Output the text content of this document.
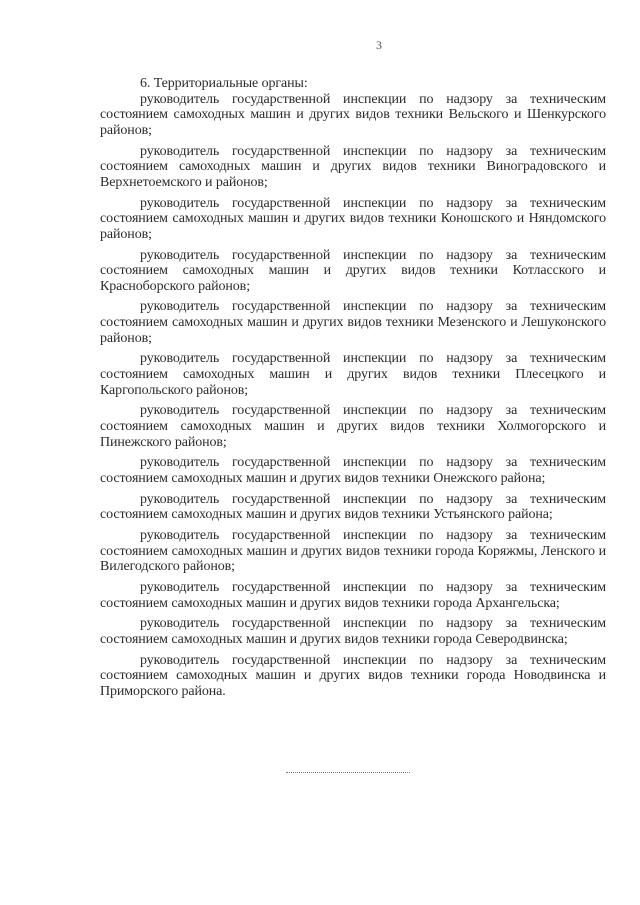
3

6. Территориальные органы:

руководитель государственной инспекции по надзору за техническим состоянием самоходных машин и других видов техники Вельского и Шенкурского районов;

руководитель государственной инспекции по надзору за техническим состоянием самоходных машин и других видов техники Виноградовского и Верхнетоемского и районов;

руководитель государственной инспекции по надзору за техническим состоянием самоходных машин и других видов техники Коношского и Няндомского районов;

руководитель государственной инспекции по надзору за техническим состоянием самоходных машин и других видов техники Котласского и Красноборского районов;

руководитель государственной инспекции по надзору за техническим состоянием самоходных машин и других видов техники Мезенского и Лешуконского районов;

руководитель государственной инспекции по надзору за техническим состоянием самоходных машин и других видов техники Плесецкого и Каргопольского районов;

руководитель государственной инспекции по надзору за техническим состоянием самоходных машин и других видов техники Холмогорского и Пинежского районов;

руководитель государственной инспекции по надзору за техническим состоянием самоходных машин и других видов техники Онежского района;

руководитель государственной инспекции по надзору за техническим состоянием самоходных машин и других видов техники Устьянского района;

руководитель государственной инспекции по надзору за техническим состоянием самоходных машин и других видов техники города Коряжмы, Ленского и Вилегодского районов;

руководитель государственной инспекции по надзору за техническим состоянием самоходных машин и других видов техники города Архангельска;

руководитель государственной инспекции по надзору за техническим состоянием самоходных машин и других видов техники города Северодвинска;

руководитель государственной инспекции по надзору за техническим состоянием самоходных машин и других видов техники города Новодвинска и Приморского района.
